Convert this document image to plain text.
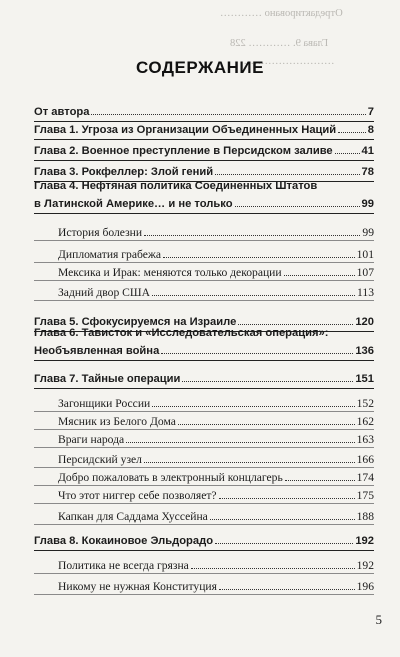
Отредактировано …………
Глава 9. ………… 228
………………………
СОДЕРЖАНИЕ
От автора	7
Глава 1. Угроза из Организации Объединенных Наций	8
Глава 2. Военное преступление в Персидском заливе	41
Глава 3. Рокфеллер: Злой гений	78
Глава 4. Нефтяная политика Соединенных Штатов
в Латинской Америке… и не только	99
История болезни	99
Дипломатия грабежа	101
Мексика и Ирак: меняются только декорации	107
Задний двор США	113
Глава 5. Сфокусируемся на Израиле	120
Глава 6. Тависток и «Исследовательская операция»:
Необъявленная война	136
Глава 7. Тайные операции	151
Загонщики России	152
Мясник из Белого Дома	162
Враги народа	163
Персидский узел	166
Добро пожаловать в электронный концлагерь	174
Что этот ниггер себе позволяет?	175
Капкан для Саддама Хуссейна	188
Глава 8. Кокаиновое Эльдорадо	192
Политика не всегда грязна	192
Никому не нужная Конституция	196
5
